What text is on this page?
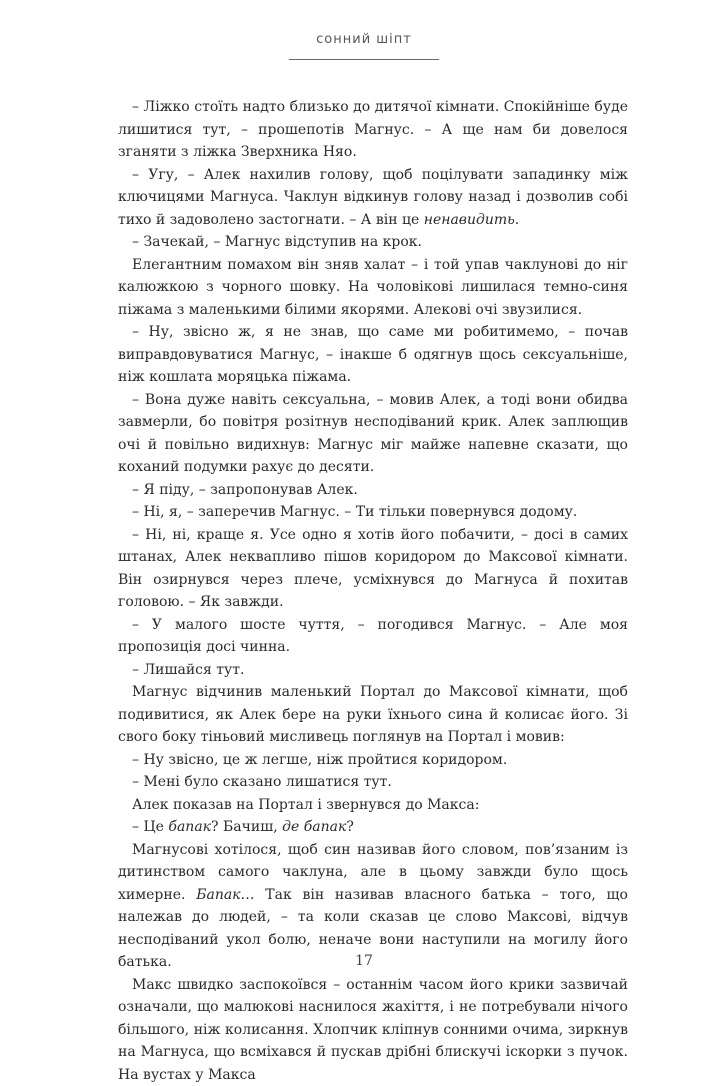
сонний шіпт

– Ліжко стоїть надто близько до дитячої кімнати. Спокійніше буде лишитися тут, – прошепотів Магнус. – А ще нам би довелося зганяти з ліжка Зверхника Няо.

– Угу, – Алек нахилив голову, щоб поцілувати западинку між ключицями Магнуса. Чаклун відкинув голову назад і дозволив собі тихо й задоволено застогнати. – А він це ненавидить.

– Зачекай, – Магнус відступив на крок.

Елегантним помахом він зняв халат – і той упав чаклунові до ніг калюжкою з чорного шовку. На чоловікові лишилася темно-синя піжама з маленькими білими якорями. Алекові очі звузилися.

– Ну, звісно ж, я не знав, що саме ми робитимемо, – почав виправдовуватися Магнус, – інакше б одягнув щось сексуальніше, ніж кошлата моряцька піжама.

– Вона дуже навіть сексуальна, – мовив Алек, а тоді вони обидва завмерли, бо повітря розітнув несподіваний крик. Алек заплющив очі й повільно видихнув: Магнус міг майже напевне сказати, що коханий подумки рахує до десяти.

– Я піду, – запропонував Алек.

– Ні, я, – заперечив Магнус. – Ти тільки повернувся додому.

– Ні, ні, краще я. Усе одно я хотів його побачити, – досі в самих штанах, Алек неквапливо пішов коридором до Максової кімнати. Він озирнувся через плече, усміхнувся до Магнуса й похитав головою. – Як завжди.

– У малого шосте чуття, – погодився Магнус. – Але моя пропозиція досі чинна.

– Лишайся тут.

Магнус відчинив маленький Портал до Максової кімнати, щоб подивитися, як Алек бере на руки їхнього сина й колисає його. Зі свого боку тіньовий мисливець поглянув на Портал і мовив:

– Ну звісно, це ж легше, ніж пройтися коридором.

– Мені було сказано лишатися тут.

Алек показав на Портал і звернувся до Макса:

– Це бапак? Бачиш, де бапак?

Магнусові хотілося, щоб син називав його словом, пов’язаним із дитинством самого чаклуна, але в цьому завжди було щось химерне. Бапак… Так він називав власного батька – того, що належав до людей, – та коли сказав це слово Максові, відчув несподіваний укол болю, неначе вони наступили на могилу його батька.

Макс швидко заспокоївся – останнім часом його крики зазвичай означали, що малюкові наснилося жахіття, і не потребували нічого більшого, ніж колисання. Хлопчик кліпнув сонними очима, зиркнув на Магнуса, що всміхався й пускав дрібні блискучі іскорки з пучок. На вустах у Макса

17
